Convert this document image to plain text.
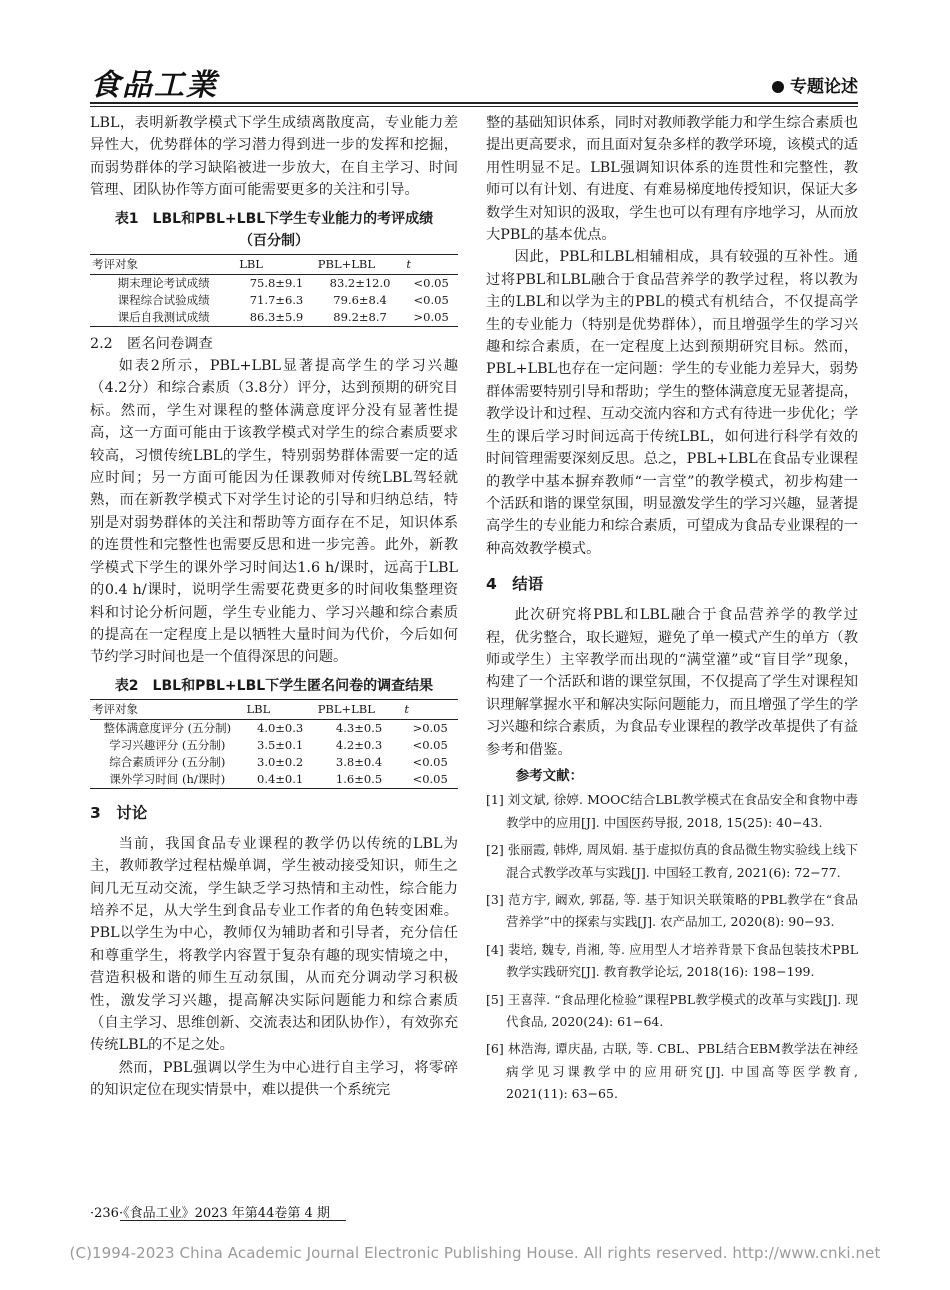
食品工業	专题论述

LBL，表明新教学模式下学生成绩离散度高，专业能力差异性大，优势群体的学习潜力得到进一步的发挥和挖掘，而弱势群体的学习缺陷被进一步放大，在自主学习、时间管理、团队协作等方面可能需要更多的关注和引导。

表1　LBL和PBL+LBL下学生专业能力的考评成绩
（百分制）
考评对象	LBL	PBL+LBL	t
期末理论考试成绩	75.8±9.1	83.2±12.0	<0.05
课程综合试验成绩	71.7±6.3	79.6±8.4	<0.05
课后自我测试成绩	86.3±5.9	89.2±8.7	>0.05
2.2　匿名问卷调查

如表2所示，PBL+LBL显著提高学生的学习兴趣（4.2分）和综合素质（3.8分）评分，达到预期的研究目标。然而，学生对课程的整体满意度评分没有显著性提高，这一方面可能由于该教学模式对学生的综合素质要求较高，习惯传统LBL的学生，特别弱势群体需要一定的适应时间；另一方面可能因为任课教师对传统LBL驾轻就熟，而在新教学模式下对学生讨论的引导和归纳总结，特别是对弱势群体的关注和帮助等方面存在不足，知识体系的连贯性和完整性也需要反思和进一步完善。此外，新教学模式下学生的课外学习时间达1.6 h/课时，远高于LBL的0.4 h/课时，说明学生需要花费更多的时间收集整理资料和讨论分析问题，学生专业能力、学习兴趣和综合素质的提高在一定程度上是以牺牲大量时间为代价，今后如何节约学习时间也是一个值得深思的问题。

表2　LBL和PBL+LBL下学生匿名问卷的调查结果
考评对象	LBL	PBL+LBL	t
整体满意度评分 (五分制)	4.0±0.3	4.3±0.5	>0.05
学习兴趣评分 (五分制)	3.5±0.1	4.2±0.3	<0.05
综合素质评分 (五分制)	3.0±0.2	3.8±0.4	<0.05
课外学习时间 (h/课时)	0.4±0.1	1.6±0.5	<0.05
3　讨论

当前，我国食品专业课程的教学仍以传统的LBL为主，教师教学过程枯燥单调，学生被动接受知识，师生之间几无互动交流，学生缺乏学习热情和主动性，综合能力培养不足，从大学生到食品专业工作者的角色转变困难。PBL以学生为中心，教师仅为辅助者和引导者，充分信任和尊重学生，将教学内容置于复杂有趣的现实情境之中，营造积极和谐的师生互动氛围，从而充分调动学习积极性，激发学习兴趣，提高解决实际问题能力和综合素质（自主学习、思维创新、交流表达和团队协作），有效弥充传统LBL的不足之处。

然而，PBL强调以学生为中心进行自主学习，将零碎的知识定位在现实情景中，难以提供一个系统完

整的基础知识体系，同时对教师教学能力和学生综合素质也提出更高要求，而且面对复杂多样的教学环境，该模式的适用性明显不足。LBL强调知识体系的连贯性和完整性，教师可以有计划、有进度、有难易梯度地传授知识，保证大多数学生对知识的汲取，学生也可以有理有序地学习，从而放大PBL的基本优点。

因此，PBL和LBL相辅相成，具有较强的互补性。通过将PBL和LBL融合于食品营养学的教学过程，将以教为主的LBL和以学为主的PBL的模式有机结合，不仅提高学生的专业能力（特别是优势群体），而且增强学生的学习兴趣和综合素质，在一定程度上达到预期研究目标。然而，PBL+LBL也存在一定问题：学生的专业能力差异大，弱势群体需要特别引导和帮助；学生的整体满意度无显著提高，教学设计和过程、互动交流内容和方式有待进一步优化；学生的课后学习时间远高于传统LBL，如何进行科学有效的时间管理需要深刻反思。总之，PBL+LBL在食品专业课程的教学中基本摒弃教师“一言堂”的教学模式，初步构建一个活跃和谐的课堂氛围，明显激发学生的学习兴趣，显著提高学生的专业能力和综合素质，可望成为食品专业课程的一种高效教学模式。

4　结语

此次研究将PBL和LBL融合于食品营养学的教学过程，优劣整合，取长避短，避免了单一模式产生的单方（教师或学生）主宰教学而出现的“满堂灌”或“盲目学”现象，构建了一个活跃和谐的课堂氛围，不仅提高了学生对课程知识理解掌握水平和解决实际问题能力，而且增强了学生的学习兴趣和综合素质，为食品专业课程的教学改革提供了有益参考和借鉴。

参考文献：
[1] 刘文斌, 徐婷. MOOC结合LBL教学模式在食品安全和食物中毒教学中的应用[J]. 中国医药导报, 2018, 15(25): 40−43.
[2] 张丽霞, 韩烨, 周凤娟. 基于虚拟仿真的食品微生物实验线上线下混合式教学改革与实践[J]. 中国轻工教育, 2021(6): 72−77.
[3] 范方宇, 阚欢, 郭磊, 等. 基于知识关联策略的PBL教学在“食品营养学”中的探索与实践[J]. 农产品加工, 2020(8): 90−93.
[4] 裴培, 魏专, 肖湘, 等. 应用型人才培养背景下食品包装技术PBL教学实践研究[J]. 教育教学论坛, 2018(16): 198−199.
[5] 王喜萍. “食品理化检验”课程PBL教学模式的改革与实践[J]. 现代食品, 2020(24): 61−64.
[6] 林浩海, 谭庆晶, 古联, 等. CBL、PBL结合EBM教学法在神经病学见习课教学中的应用研究[J]. 中国高等医学教育, 2021(11): 63−65.
·236·《食品工业》2023 年第44卷第 4 期
(C)1994-2023 China Academic Journal Electronic Publishing House. All rights reserved. http://www.cnki.net
